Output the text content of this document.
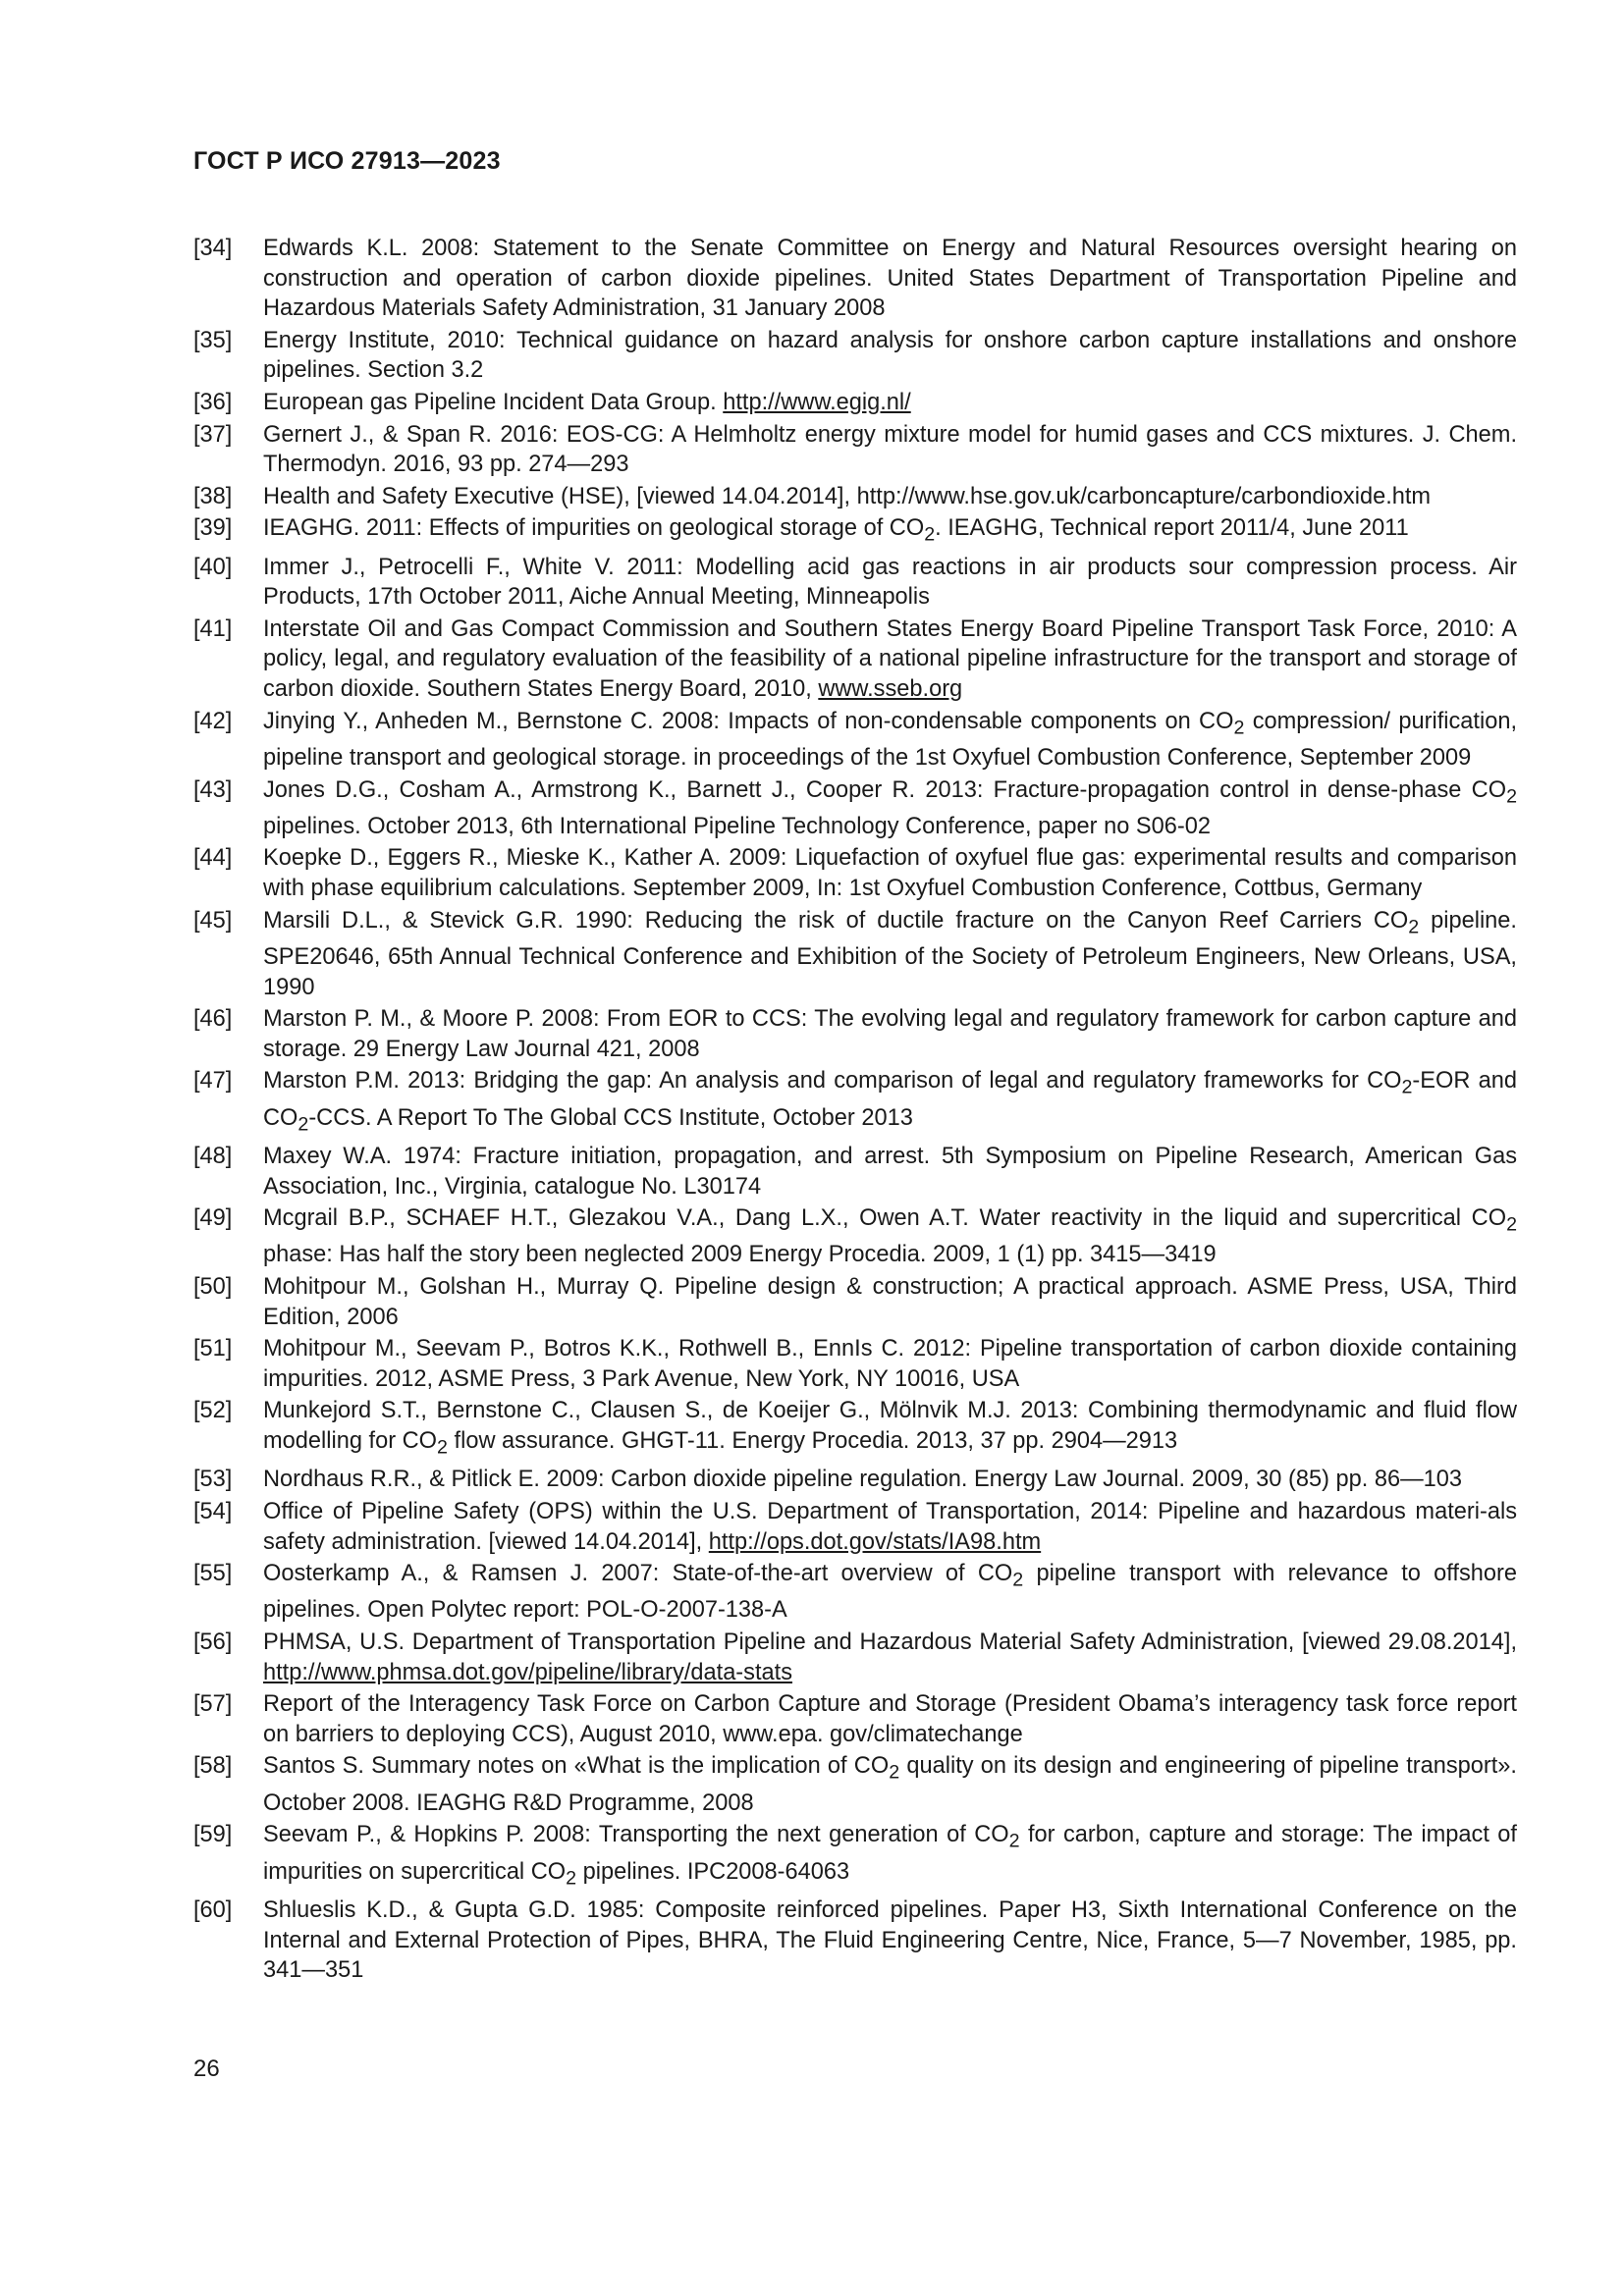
ГОСТ Р ИСО 27913—2023
[34]	Edwards K.L. 2008: Statement to the Senate Committee on Energy and Natural Resources oversight hearing on construction and operation of carbon dioxide pipelines. United States Department of Transportation Pipeline and Hazardous Materials Safety Administration, 31 January 2008
[35]	Energy Institute, 2010: Technical guidance on hazard analysis for onshore carbon capture installations and onshore pipelines. Section 3.2
[36]	European gas Pipeline Incident Data Group. http://www.egig.nl/
[37]	Gernert J., & Span R. 2016: EOS-CG: A Helmholtz energy mixture model for humid gases and CCS mixtures. J. Chem. Thermodyn. 2016, 93 pp. 274—293
[38]	Health and Safety Executive (HSE), [viewed 14.04.2014], http://www.hse.gov.uk/carboncapture/carbondioxide.htm
[39]	IEAGHG. 2011: Effects of impurities on geological storage of $CO_2$. IEAGHG, Technical report 2011/4, June 2011
[40]	Immer J., Petrocelli F., White V. 2011: Modelling acid gas reactions in air products sour compression process. Air Products, 17th October 2011, Aiche Annual Meeting, Minneapolis
[41]	Interstate Oil and Gas Compact Commission and Southern States Energy Board Pipeline Transport Task Force, 2010: A policy, legal, and regulatory evaluation of the feasibility of a national pipeline infrastructure for the transport and storage of carbon dioxide. Southern States Energy Board, 2010, www.sseb.org
[42]	Jinying Y., Anheden M., Bernstone C. 2008: Impacts of non-condensable components on $CO_2$ compression/ purification, pipeline transport and geological storage. in proceedings of the 1st Oxyfuel Combustion Conference, September 2009
[43]	Jones D.G., Cosham A., Armstrong K., Barnett J., Cooper R. 2013: Fracture-propagation control in dense-phase $CO_2$ pipelines. October 2013, 6th International Pipeline Technology Conference, paper no S06-02
[44]	Koepke D., Eggers R., Mieske K., Kather A. 2009: Liquefaction of oxyfuel flue gas: experimental results and comparison with phase equilibrium calculations. September 2009, In: 1st Oxyfuel Combustion Conference, Cottbus, Germany
[45]	Marsili D.L., & Stevick G.R. 1990: Reducing the risk of ductile fracture on the Canyon Reef Carriers $CO_2$ pipeline. SPE20646, 65th Annual Technical Conference and Exhibition of the Society of Petroleum Engineers, New Orleans, USA, 1990
[46]	Marston P. M., & Moore P. 2008: From EOR to CCS: The evolving legal and regulatory framework for carbon capture and storage. 29 Energy Law Journal 421, 2008
[47]	Marston P.M. 2013: Bridging the gap: An analysis and comparison of legal and regulatory frameworks for $CO_2$-EOR and $CO_2$-CCS. A Report To The Global CCS Institute, October 2013
[48]	Maxey W.A. 1974: Fracture initiation, propagation, and arrest. 5th Symposium on Pipeline Research, American Gas Association, Inc., Virginia, catalogue No. L30174
[49]	Mcgrail B.P., SCHAEF H.T., Glezakou V.A., Dang L.X., Owen A.T. Water reactivity in the liquid and supercritical $CO_2$ phase: Has half the story been neglected 2009 Energy Procedia. 2009, 1 (1) pp. 3415—3419
[50]	Mohitpour M., Golshan H., Murray Q. Pipeline design & construction; A practical approach. ASME Press, USA, Third Edition, 2006
[51]	Mohitpour M., Seevam P., Botros K.K., Rothwell B., EnnIs C. 2012: Pipeline transportation of carbon dioxide containing impurities. 2012, ASME Press, 3 Park Avenue, New York, NY 10016, USA
[52]	Munkejord S.T., Bernstone C., Clausen S., de Koeijer G., Mölnvik M.J. 2013: Combining thermodynamic and fluid flow modelling for $CO_2$ flow assurance. GHGT-11. Energy Procedia. 2013, 37 pp. 2904—2913
[53]	Nordhaus R.R., & Pitlick E. 2009: Carbon dioxide pipeline regulation. Energy Law Journal. 2009, 30 (85) pp. 86—103
[54]	Office of Pipeline Safety (OPS) within the U.S. Department of Transportation, 2014: Pipeline and hazardous materi-als safety administration. [viewed 14.04.2014], http://ops.dot.gov/stats/IA98.htm
[55]	Oosterkamp A., & Ramsen J. 2007: State-of-the-art overview of $CO_2$ pipeline transport with relevance to offshore pipelines. Open Polytec report: POL-O-2007-138-A
[56]	PHMSA, U.S. Department of Transportation Pipeline and Hazardous Material Safety Administration, [viewed 29.08.2014], http://www.phmsa.dot.gov/pipeline/library/data-stats
[57]	Report of the Interagency Task Force on Carbon Capture and Storage (President Obama’s interagency task force report on barriers to deploying CCS), August 2010, www.epa. gov/climatechange
[58]	Santos S. Summary notes on «What is the implication of $CO_2$ quality on its design and engineering of pipeline transport». October 2008. IEAGHG R&D Programme, 2008
[59]	Seevam P., & Hopkins P. 2008: Transporting the next generation of $CO_2$ for carbon, capture and storage: The impact of impurities on supercritical $CO_2$ pipelines. IPC2008-64063
[60]	Shlueslis K.D., & Gupta G.D. 1985: Composite reinforced pipelines. Paper H3, Sixth International Conference on the Internal and External Protection of Pipes, BHRA, The Fluid Engineering Centre, Nice, France, 5—7 November, 1985, pp. 341—351
26
